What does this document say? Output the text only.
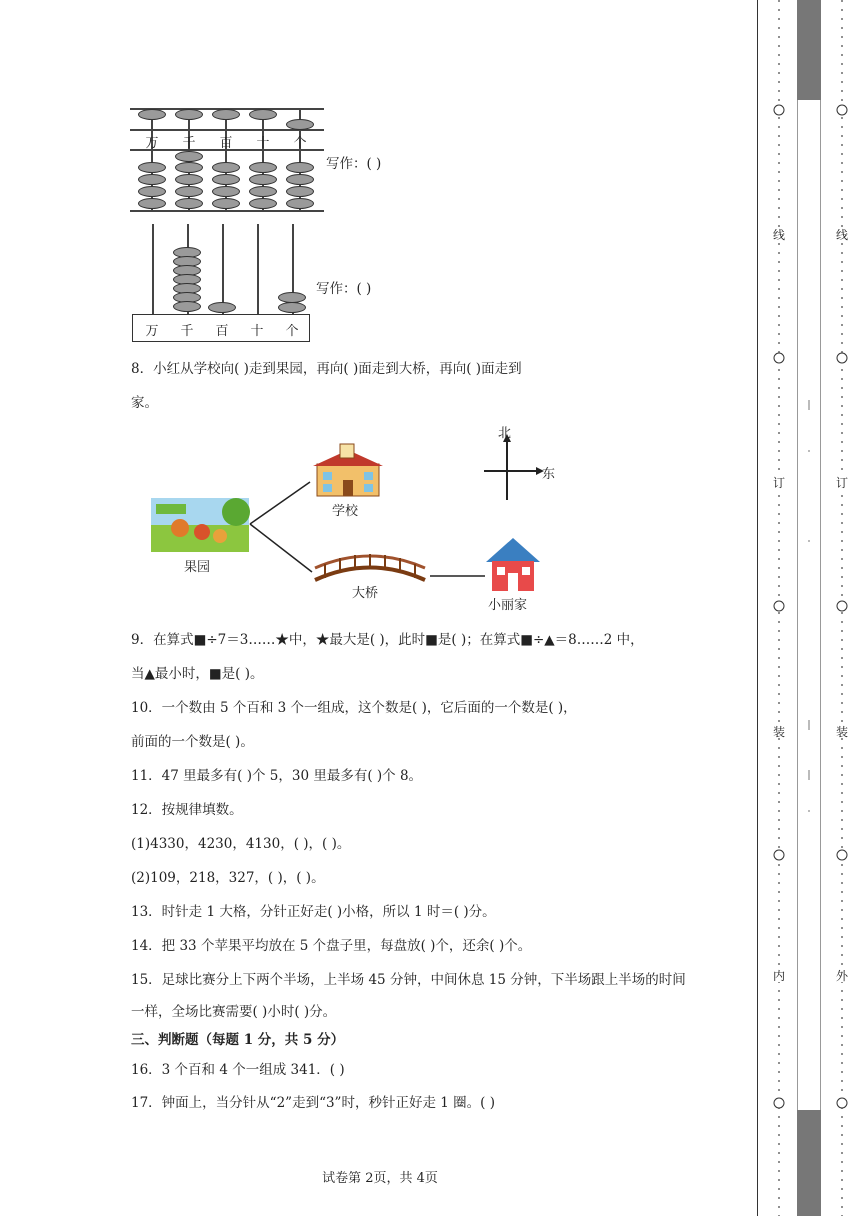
万	千	百	十	个
写作：( )
万	千	百	十	个
写作：( )
8．小红从学校向( )走到果园，再向( )面走到大桥，再向( )面走到
家。
北
东
学校
果园
大桥
小丽家
9．在算式■÷7＝3……★中，★最大是( )，此时■是( )；在算式■÷▲＝8……2 中，
当▲最小时，■是( )。
10．一个数由 5 个百和 3 个一组成，这个数是( )，它后面的一个数是( )，
前面的一个数是( )。
11．47 里最多有( )个 5，30 里最多有( )个 8。
12．按规律填数。
(1)4330，4230，4130，( )，( )。
(2)109，218，327，( )，( )。
13．时针走 1 大格，分针正好走( )小格，所以 1 时＝( )分。
14．把 33 个苹果平均放在 5 个盘子里，每盘放( )个，还余( )个。
15．足球比赛分上下两个半场，上半场 45 分钟，中间休息 15 分钟，下半场跟上半场的时间
一样，全场比赛需要( )小时( )分。
三、判断题（每题 1 分，共 5 分）
16．3 个百和 4 个一组成 341．( )
17．钟面上，当分针从“2”走到“3”时，秒针正好走 1 圈。( )
试卷第 2页，共 4页
线
订
装
内
线
订
装
外
